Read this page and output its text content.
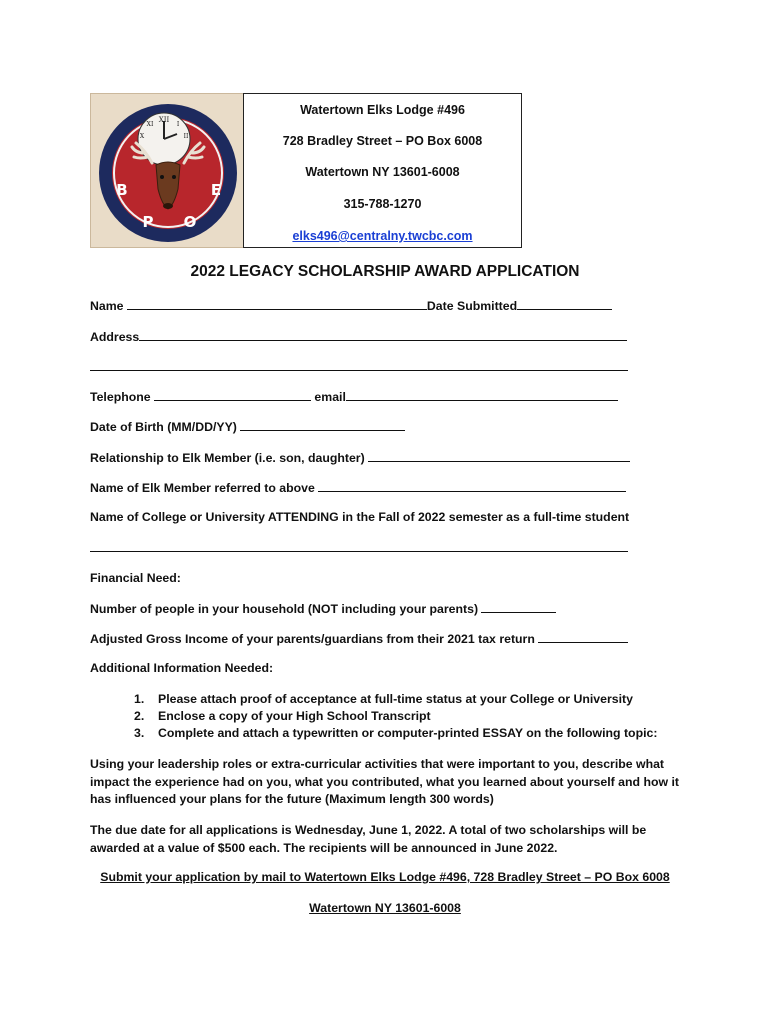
XII
I
II
XI
X
B
P O
E
Watertown Elks Lodge #496
728 Bradley Street – PO Box 6008
Watertown NY 13601-6008
315-788-1270
elks496@centralny.twcbc.com
2022 LEGACY SCHOLARSHIP AWARD APPLICATION
Name	Date Submitted
Address
Telephone	email
Date of Birth (MM/DD/YY)
Relationship to Elk Member (i.e. son, daughter)
Name of Elk Member referred to above
Name of College or University ATTENDING in the Fall of 2022 semester as a full-time student
Financial Need:
Number of people in your household (NOT including your parents)
Adjusted Gross Income of your parents/guardians from their 2021 tax return
Additional Information Needed:
1. Please attach proof of acceptance at full-time status at your College or University
2. Enclose a copy of your High School Transcript
3. Complete and attach a typewritten or computer-printed ESSAY on the following topic:
Using your leadership roles or extra-curricular activities that were important to you, describe what impact the experience had on you, what you contributed, what you learned about yourself and how it has influenced your plans for the future (Maximum length 300 words)
The due date for all applications is Wednesday, June 1, 2022. A total of two scholarships will be awarded at a value of $500 each. The recipients will be announced in June 2022.
Submit your application by mail to Watertown Elks Lodge #496, 728 Bradley Street – PO Box 6008
Watertown NY 13601-6008
